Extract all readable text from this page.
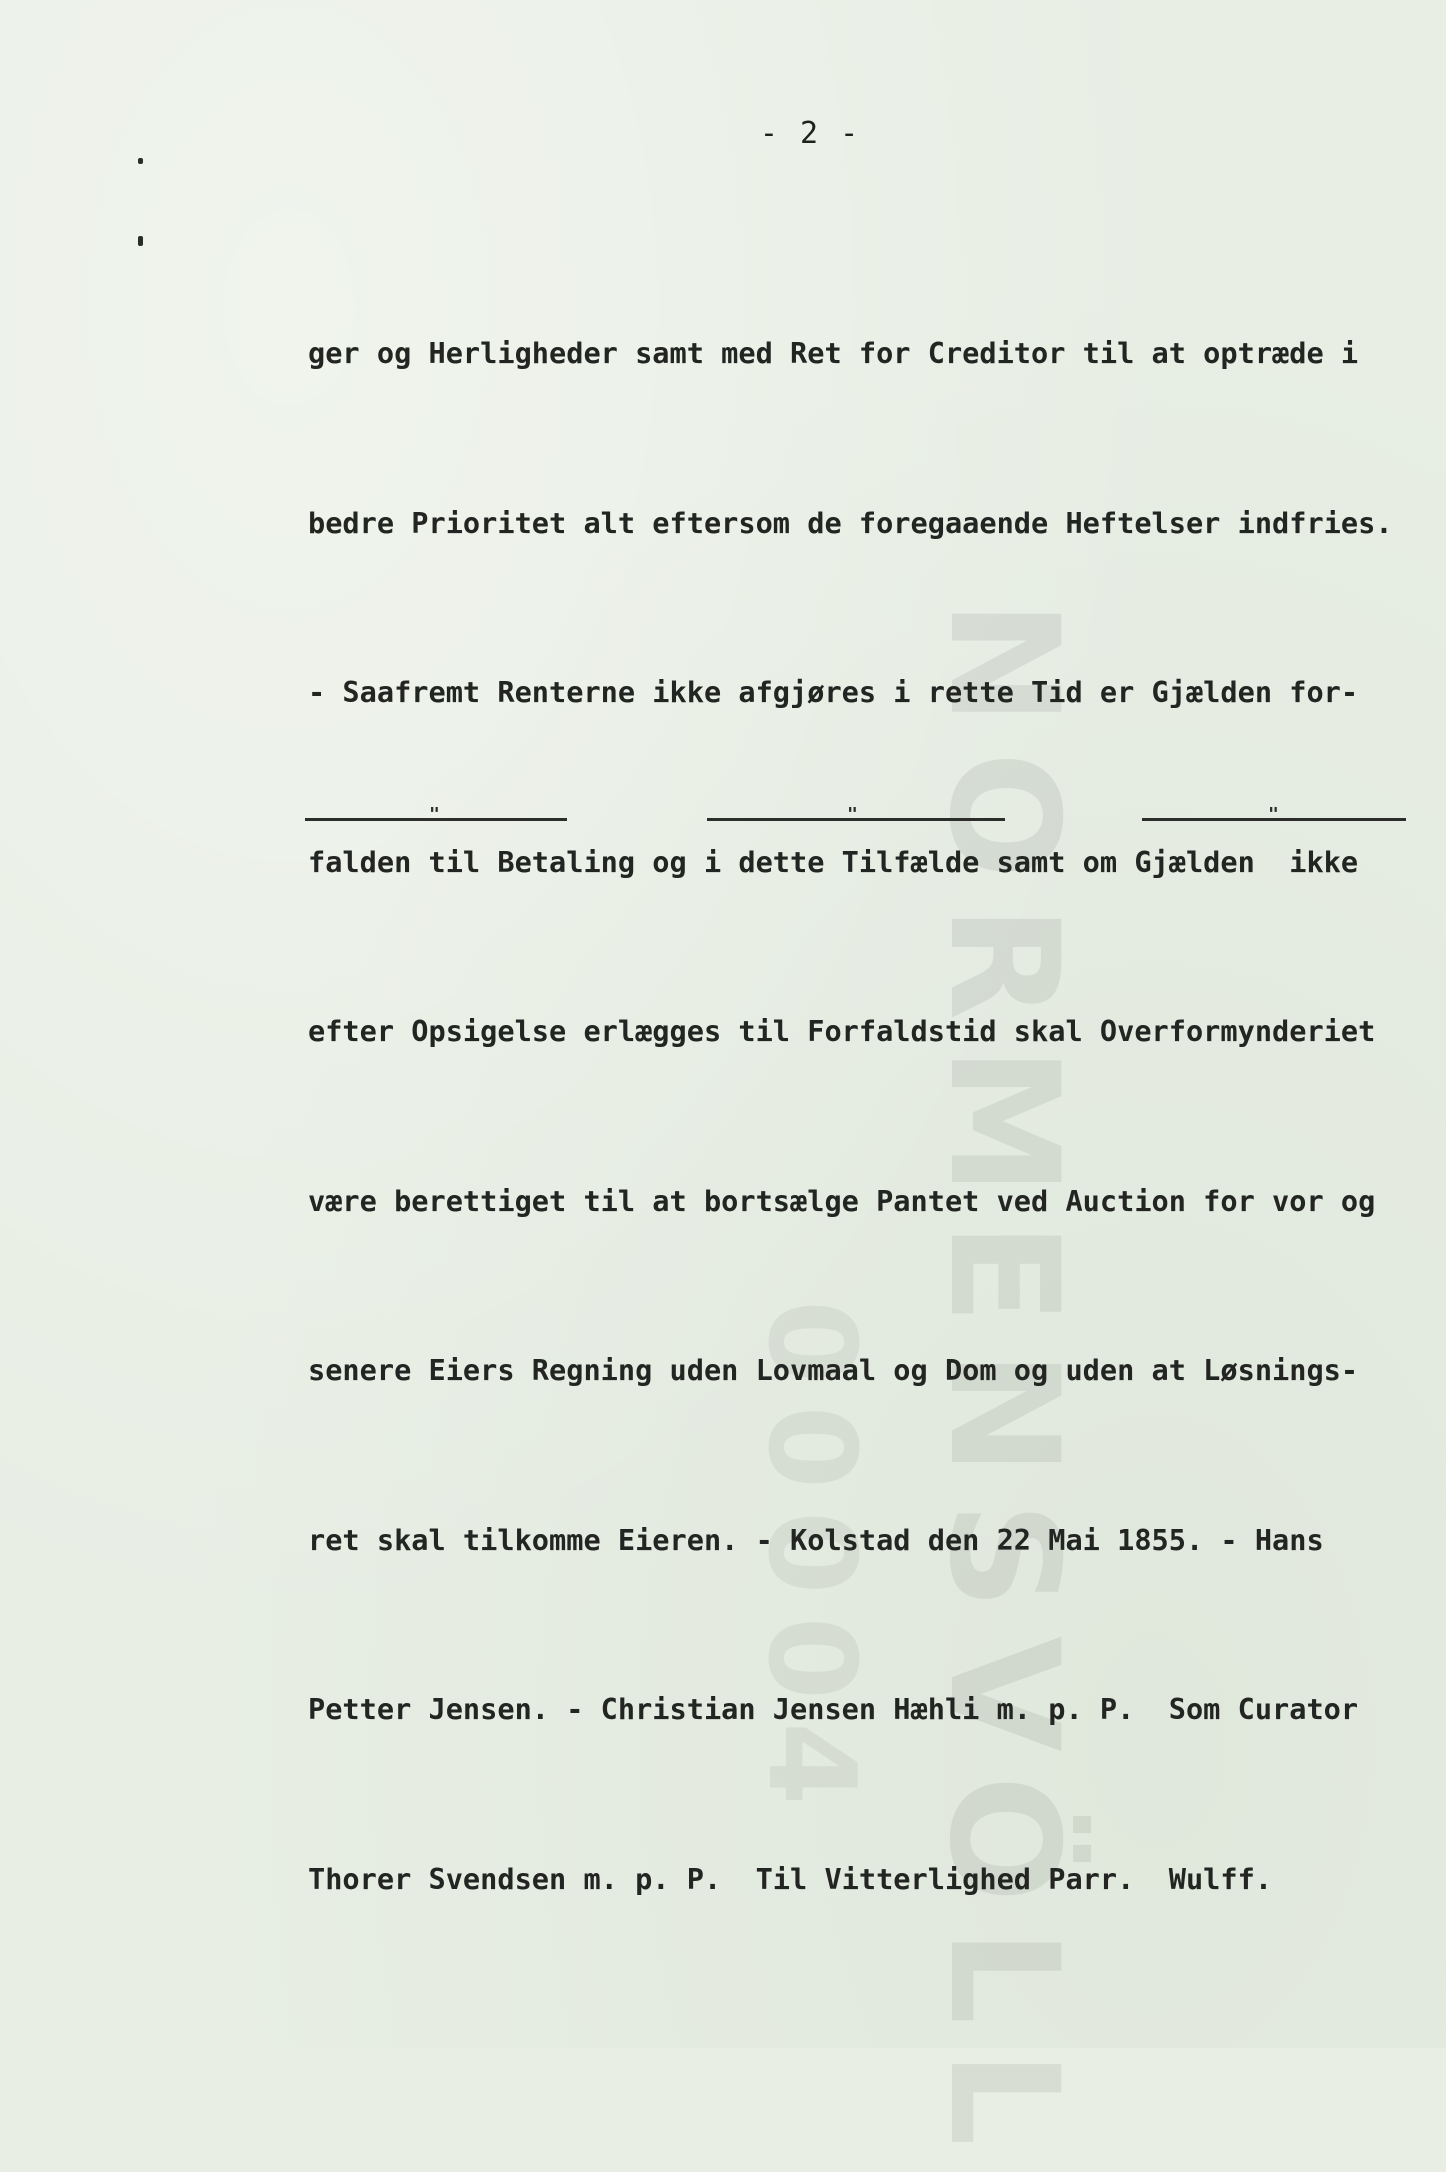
NORMENSVÖLL
00004
- 2 -

ger og Herligheder samt med Ret for Creditor til at optræde i

bedre Prioritet alt eftersom de foregaaende Heftelser indfries.

- Saafremt Renterne ikke afgjøres i rette Tid er Gjælden for-

falden til Betaling og i dette Tilfælde samt om Gjælden  ikke

efter Opsigelse erlægges til Forfaldstid skal Overformynderiet

være berettiget til at bortsælge Pantet ved Auction for vor og

senere Eiers Regning uden Lovmaal og Dom og uden at Løsnings-

ret skal tilkomme Eieren. - Kolstad den 22 Mai 1855. - Hans

Petter Jensen. - Christian Jensen Hæhli m. p. P.  Som Curator

Thorer Svendsen m. p. P.  Til Vitterlighed Parr.  Wulff.

"	"	"
